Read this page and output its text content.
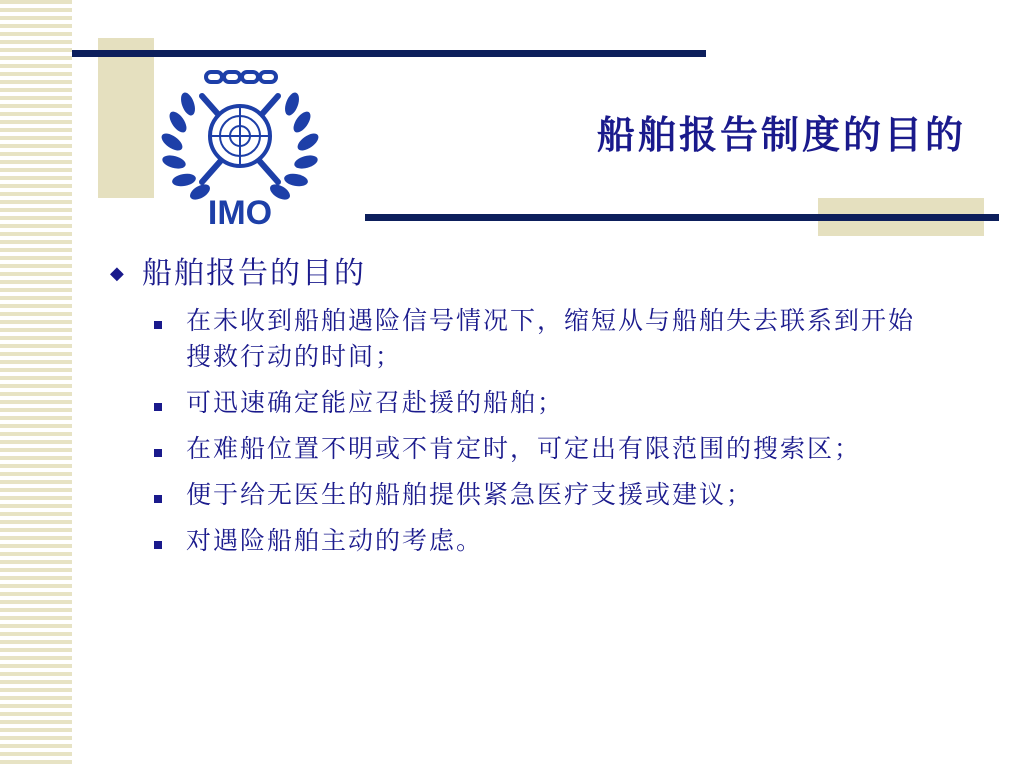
IMO
船舶报告制度的目的
◆ 船舶报告的目的
在未收到船舶遇险信号情况下，缩短从与船舶失去联系到开始搜救行动的时间；
可迅速确定能应召赴援的船舶；
在难船位置不明或不肯定时，可定出有限范围的搜索区；
便于给无医生的船舶提供紧急医疗支援或建议；
对遇险船舶主动的考虑。
